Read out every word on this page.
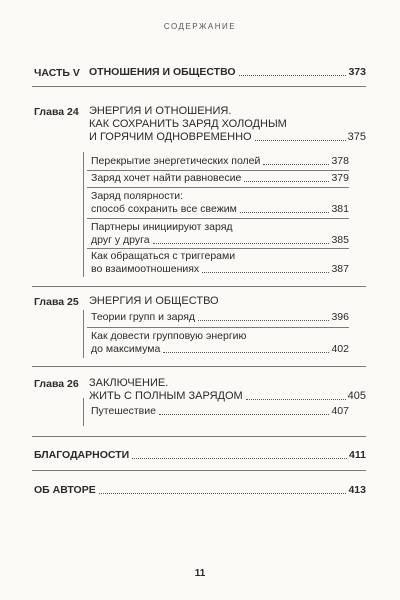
СОДЕРЖАНИЕ
ЧАСТЬ V ОТНОШЕНИЯ И ОБЩЕСТВО	373
Глава 24 ЭНЕРГИЯ И ОТНОШЕНИЯ.
КАК СОХРАНИТЬ ЗАРЯД ХОЛОДНЫМ
И ГОРЯЧИМ ОДНОВРЕМЕННО	375
Перекрытие энергетических полей	378
Заряд хочет найти равновесие	379
Заряд полярности:
способ сохранить все свежим	381
Партнеры инициируют заряд
друг у друга	385
Как обращаться с триггерами
во взаимоотношениях	387
Глава 25 ЭНЕРГИЯ И ОБЩЕСТВО
Теории групп и заряд	396
Как довести групповую энергию
до максимума	402
Глава 26 ЗАКЛЮЧЕНИЕ.
ЖИТЬ С ПОЛНЫМ ЗАРЯДОМ	405
Путешествие	407
БЛАГОДАРНОСТИ	411
ОБ АВТОРЕ	413
11
